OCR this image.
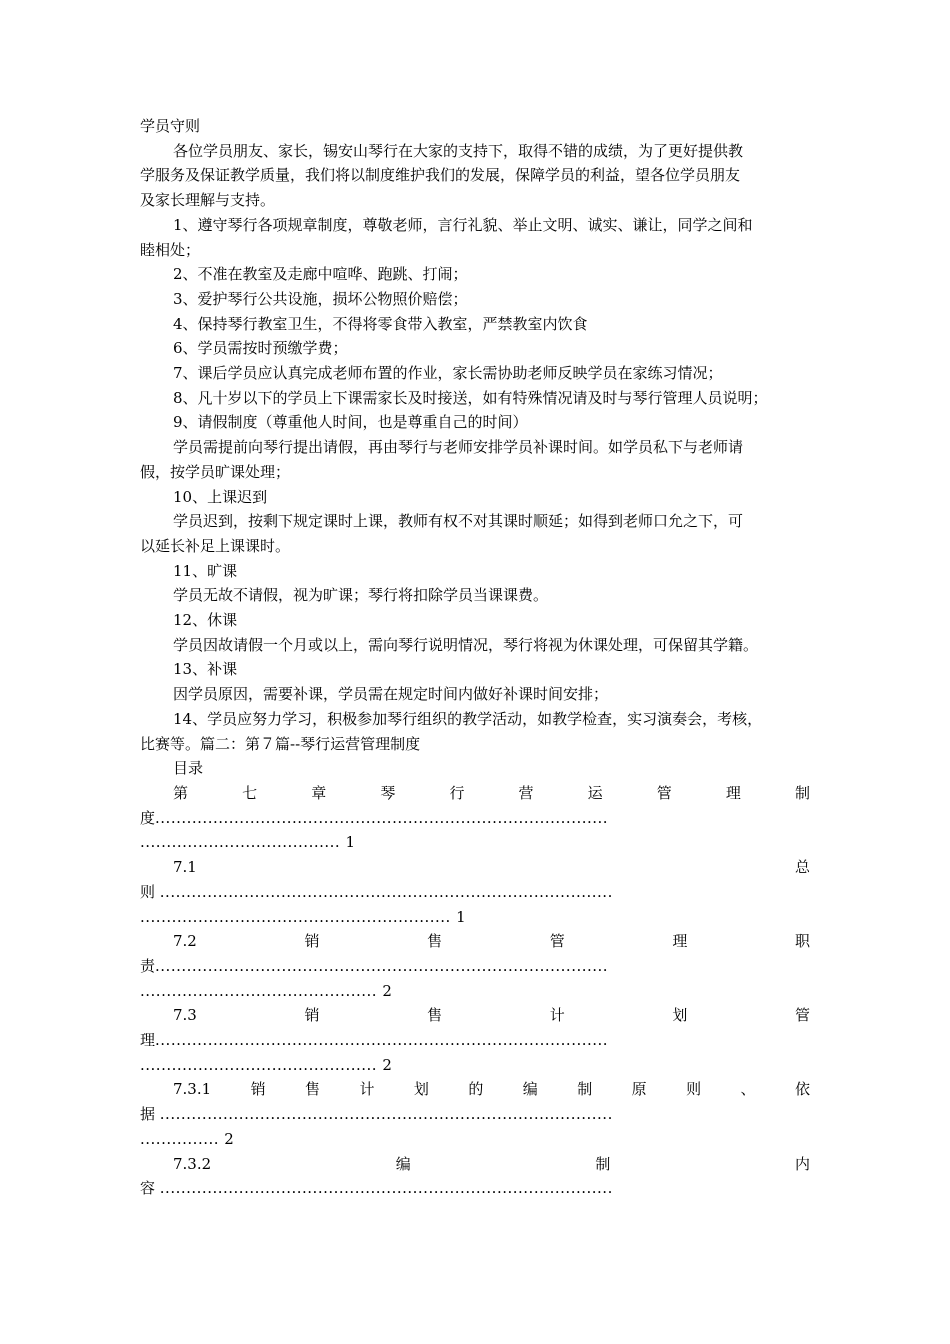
学员守则
各位学员朋友、家长，锡安山琴行在大家的支持下，取得不错的成绩，为了更好提供教
学服务及保证教学质量，我们将以制度维护我们的发展，保障学员的利益，望各位学员朋友
及家长理解与支持。
1、遵守琴行各项规章制度，尊敬老师，言行礼貌、举止文明、诚实、谦让，同学之间和
睦相处；
2、不准在教室及走廊中喧哗、跑跳、打闹；
3、爱护琴行公共设施，损坏公物照价赔偿；
4、保持琴行教室卫生，不得将零食带入教室，严禁教室内饮食
6、学员需按时预缴学费；
7、课后学员应认真完成老师布置的作业，家长需协助老师反映学员在家练习情况；
8、凡十岁以下的学员上下课需家长及时接送，如有特殊情况请及时与琴行管理人员说明；
9、请假制度（尊重他人时间，也是尊重自己的时间）
学员需提前向琴行提出请假，再由琴行与老师安排学员补课时间。如学员私下与老师请
假，按学员旷课处理；
10、上课迟到
学员迟到，按剩下规定课时上课，教师有权不对其课时顺延；如得到老师口允之下，可
以延长补足上课课时。
11、旷课
学员无故不请假，视为旷课；琴行将扣除学员当课课费。
12、休课
学员因故请假一个月或以上，需向琴行说明情况，琴行将视为休课处理，可保留其学籍。
13、补课
因学员原因，需要补课，学员需在规定时间内做好补课时间安排；
14、学员应努力学习，积极参加琴行组织的教学活动，如教学检查，实习演奏会，考核，
比赛等。篇二：第７篇--琴行运营管理制度
目录
第	七	章	琴	行	营	运	管	理	制
度......................................................................................
...................................... 1
7.1	总
则 ......................................................................................
........................................................... 1
7.2	销	售	管	理	职
责......................................................................................
............................................. 2
7.3	销	售	计	划	管
理......................................................................................
............................................. 2
7.3.1	销	售	计	划	的	编	制	原	则	、	依
据 ......................................................................................
............... 2
7.3.2	编	制	内
容 ......................................................................................
